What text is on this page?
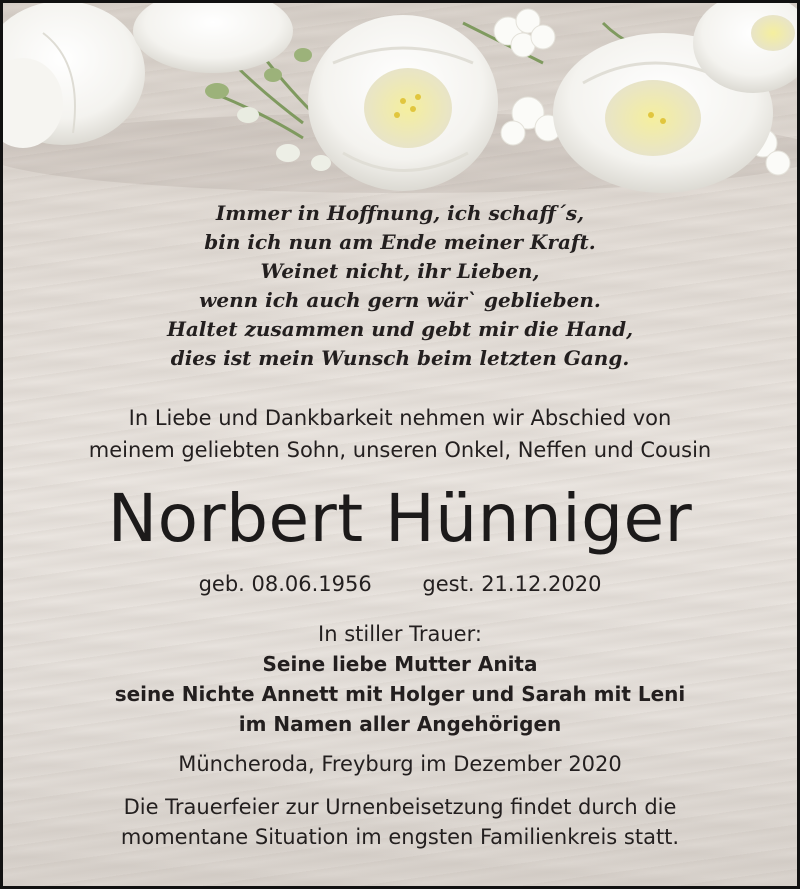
Immer in Hoffnung, ich schaff´s,
bin ich nun am Ende meiner Kraft.
Weinet nicht, ihr Lieben,
wenn ich auch gern wär` geblieben.
Haltet zusammen und gebt mir die Hand,
dies ist mein Wunsch beim letzten Gang.
In Liebe und Dankbarkeit nehmen wir Abschied von
meinem geliebten Sohn, unseren Onkel, Neffen und Cousin
Norbert Hünniger
geb. 08.06.1956 gest. 21.12.2020
In stiller Trauer:
Seine liebe Mutter Anita
seine Nichte Annett mit Holger und Sarah mit Leni
im Namen aller Angehörigen
Müncheroda, Freyburg im Dezember 2020
Die Trauerfeier zur Urnenbeisetzung findet durch die
momentane Situation im engsten Familienkreis statt.
